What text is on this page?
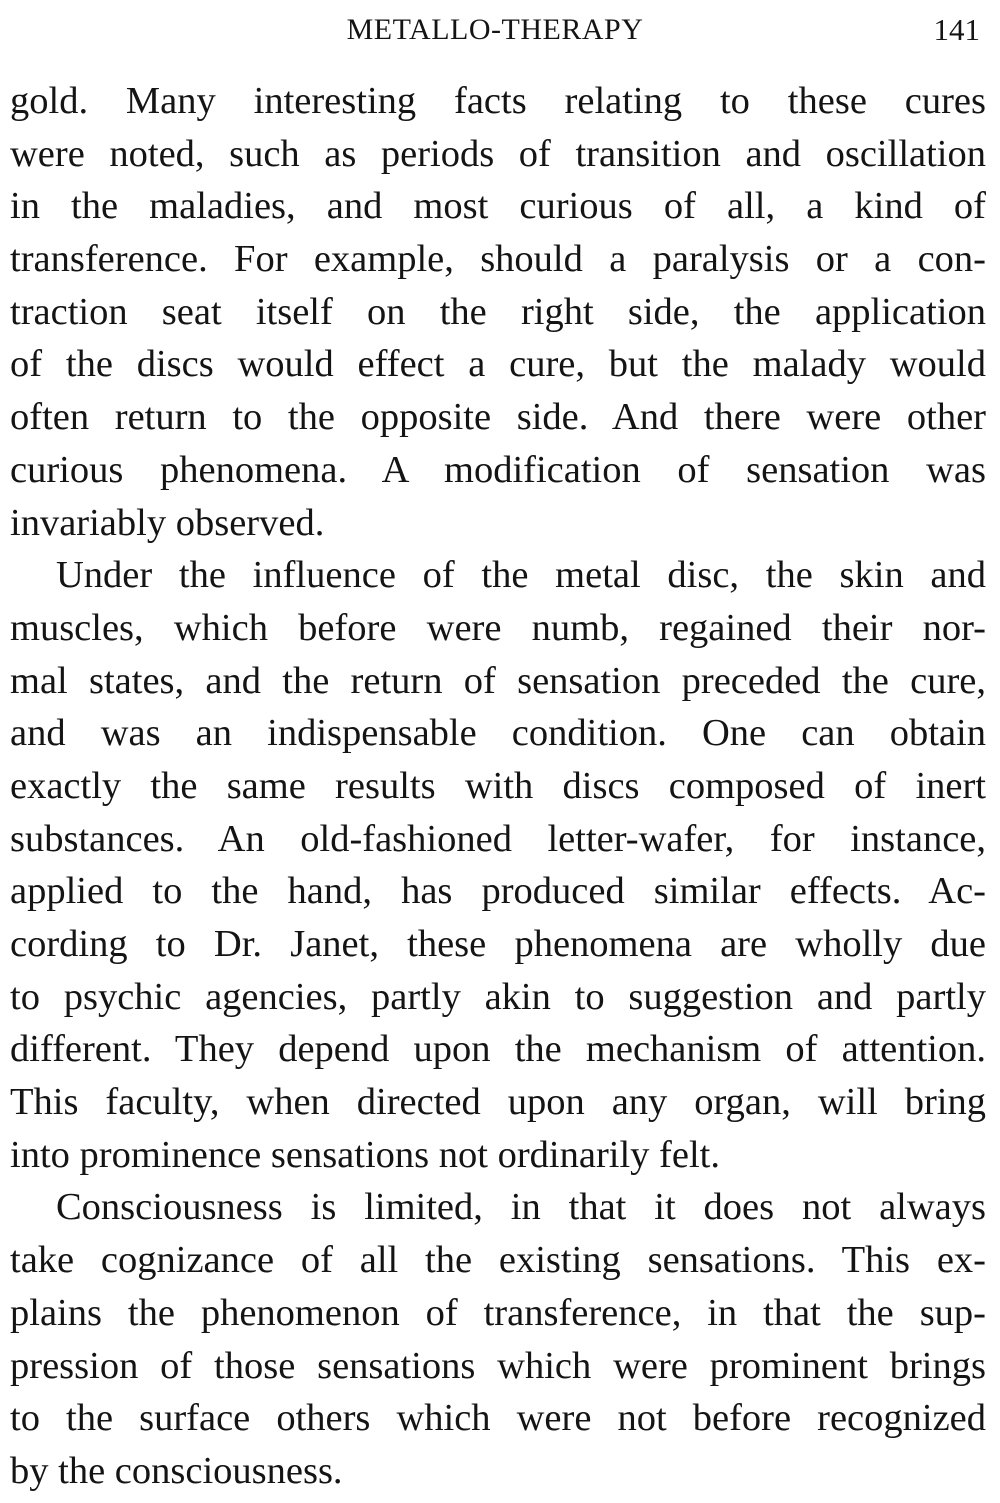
METALLO-THERAPY	141
gold. Many interesting facts relating to these cures
were noted, such as periods of transition and oscillation
in the maladies, and most curious of all, a kind of
transference. For example, should a paralysis or a con-
traction seat itself on the right side, the application
of the discs would effect a cure, but the malady would
often return to the opposite side. And there were other
curious phenomena. A modification of sensation was
invariably observed.
Under the influence of the metal disc, the skin and
muscles, which before were numb, regained their nor-
mal states, and the return of sensation preceded the cure,
and was an indispensable condition. One can obtain
exactly the same results with discs composed of inert
substances. An old-fashioned letter-wafer, for instance,
applied to the hand, has produced similar effects. Ac-
cording to Dr. Janet, these phenomena are wholly due
to psychic agencies, partly akin to suggestion and partly
different. They depend upon the mechanism of attention.
This faculty, when directed upon any organ, will bring
into prominence sensations not ordinarily felt.
Consciousness is limited, in that it does not always
take cognizance of all the existing sensations. This ex-
plains the phenomenon of transference, in that the sup-
pression of those sensations which were prominent brings
to the surface others which were not before recognized
by the consciousness.
